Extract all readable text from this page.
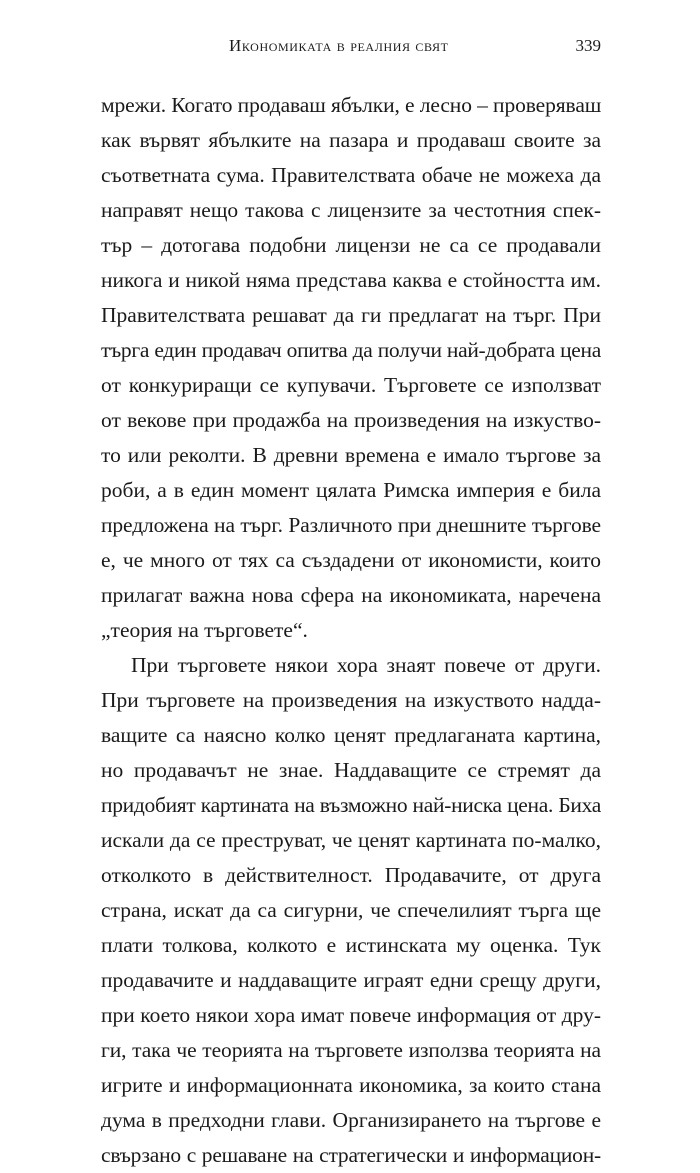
Икономиката в реалния свят	339
мрежи. Когато продаваш ябълки, е лесно – проверяваш
как вървят ябълките на пазара и продаваш своите за
съответната сума. Правителствата обаче не можеха да
направят нещо такова с лицензите за честотния спек-
тър – дотогава подобни лицензи не са се продавали
никога и никой няма представа каква е стойността им.
Правителствата решават да ги предлагат на търг. При
търга един продавач опитва да получи най-добрата цена
от конкуриращи се купувачи. Търговете се използват
от векове при продажба на произведения на изкуство-
то или реколти. В древни времена е имало търгове за
роби, а в един момент цялата Римска империя е била
предложена на търг. Различното при днешните търгове
е, че много от тях са създадени от икономисти, които
прилагат важна нова сфера на икономиката, наречена
„теория на търговете“.
При търговете някои хора знаят повече от други.
При търговете на произведения на изкуството надда-
ващите са наясно колко ценят предлаганата картина,
но продавачът не знае. Наддаващите се стремят да
придобият картината на възможно най-ниска цена. Биха
искали да се преструват, че ценят картината по-малко,
отколкото в действителност. Продавачите, от друга
страна, искат да са сигурни, че спечелилият търга ще
плати толкова, колкото е истинската му оценка. Тук
продавачите и наддаващите играят едни срещу други,
при което някои хора имат повече информация от дру-
ги, така че теорията на търговете използва теорията на
игрите и информационната икономика, за които стана
дума в предходни глави. Организирането на търгове е
свързано с решаване на стратегически и информацион-
